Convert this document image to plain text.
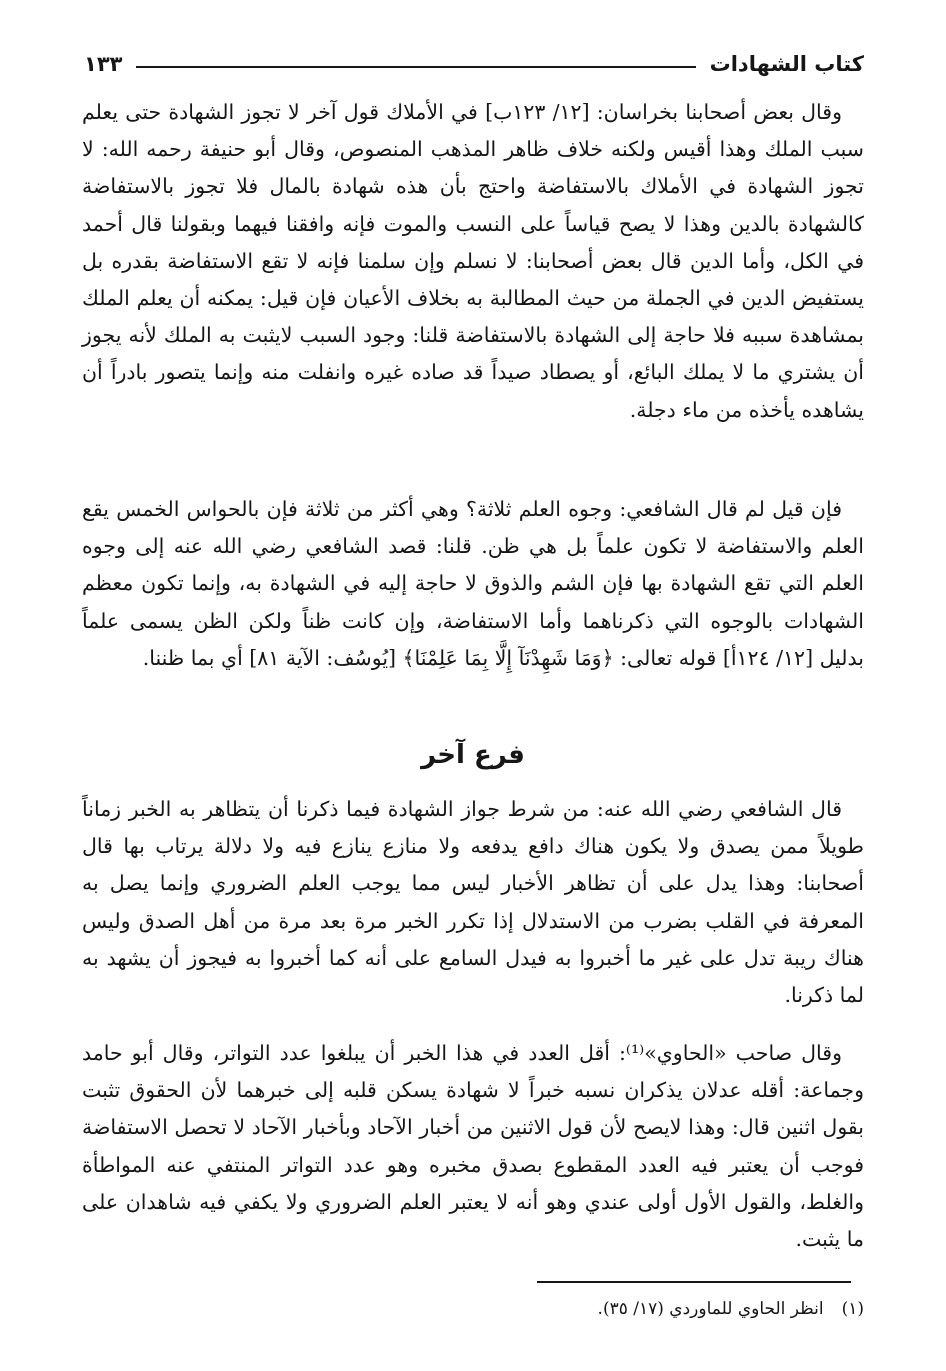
كتاب الشهادات
١٣٣

وقال بعض أصحابنا بخراسان: [١٢/ ١٢٣ب] في الأملاك قول آخر لا تجوز الشهادة حتى يعلم سبب الملك وهذا أقيس ولكنه خلاف ظاهر المذهب المنصوص، وقال أبو حنيفة رحمه الله: لا تجوز الشهادة في الأملاك بالاستفاضة واحتج بأن هذه شهادة بالمال فلا تجوز بالاستفاضة كالشهادة بالدين وهذا لا يصح قياساً على النسب والموت فإنه وافقنا فيهما وبقولنا قال أحمد في الكل، وأما الدين قال بعض أصحابنا: لا نسلم وإن سلمنا فإنه لا تقع الاستفاضة بقدره بل يستفيض الدين في الجملة من حيث المطالبة به بخلاف الأعيان فإن قيل: يمكنه أن يعلم الملك بمشاهدة سببه فلا حاجة إلى الشهادة بالاستفاضة قلنا: وجود السبب لايثبت به الملك لأنه يجوز أن يشتري ما لا يملك البائع، أو يصطاد صيداً قد صاده غيره وانفلت منه وإنما يتصور بادراً أن يشاهده يأخذه من ماء دجلة.

فإن قيل لم قال الشافعي: وجوه العلم ثلاثة؟ وهي أكثر من ثلاثة فإن بالحواس الخمس يقع العلم والاستفاضة لا تكون علماً بل هي ظن. قلنا: قصد الشافعي رضي الله عنه إلى وجوه العلم التي تقع الشهادة بها فإن الشم والذوق لا حاجة إليه في الشهادة به، وإنما تكون معظم الشهادات بالوجوه التي ذكرناهما وأما الاستفاضة، وإن كانت ظناً ولكن الظن يسمى علماً بدليل [١٢/ ١٢٤أ] قوله تعالى: ﴿وَمَا شَهِدْنَآ إِلَّا بِمَا عَلِمْنَا﴾ [يُوسُف: الآية ٨١] أي بما ظننا.

فرع آخر

قال الشافعي رضي الله عنه: من شرط جواز الشهادة فيما ذكرنا أن يتظاهر به الخبر زماناً طويلاً ممن يصدق ولا يكون هناك دافع يدفعه ولا منازع ينازع فيه ولا دلالة يرتاب بها قال أصحابنا: وهذا يدل على أن تظاهر الأخبار ليس مما يوجب العلم الضروري وإنما يصل به المعرفة في القلب بضرب من الاستدلال إذا تكرر الخبر مرة بعد مرة من أهل الصدق وليس هناك ريبة تدل على غير ما أخبروا به فيدل السامع على أنه كما أخبروا به فيجوز أن يشهد به لما ذكرنا.

وقال صاحب «الحاوي»⁽¹⁾: أقل العدد في هذا الخبر أن يبلغوا عدد التواتر، وقال أبو حامد وجماعة: أقله عدلان يذكران نسبه خبراً لا شهادة يسكن قلبه إلى خبرهما لأن الحقوق تثبت بقول اثنين قال: وهذا لايصح لأن قول الاثنين من أخبار الآحاد وبأخبار الآحاد لا تحصل الاستفاضة فوجب أن يعتبر فيه العدد المقطوع بصدق مخبره وهو عدد التواتر المنتفي عنه المواطأة والغلط، والقول الأول أولى عندي وهو أنه لا يعتبر العلم الضروري ولا يكفي فيه شاهدان على ما يثبت.

(١)انظر الحاوي للماوردي (١٧/ ٣٥).
